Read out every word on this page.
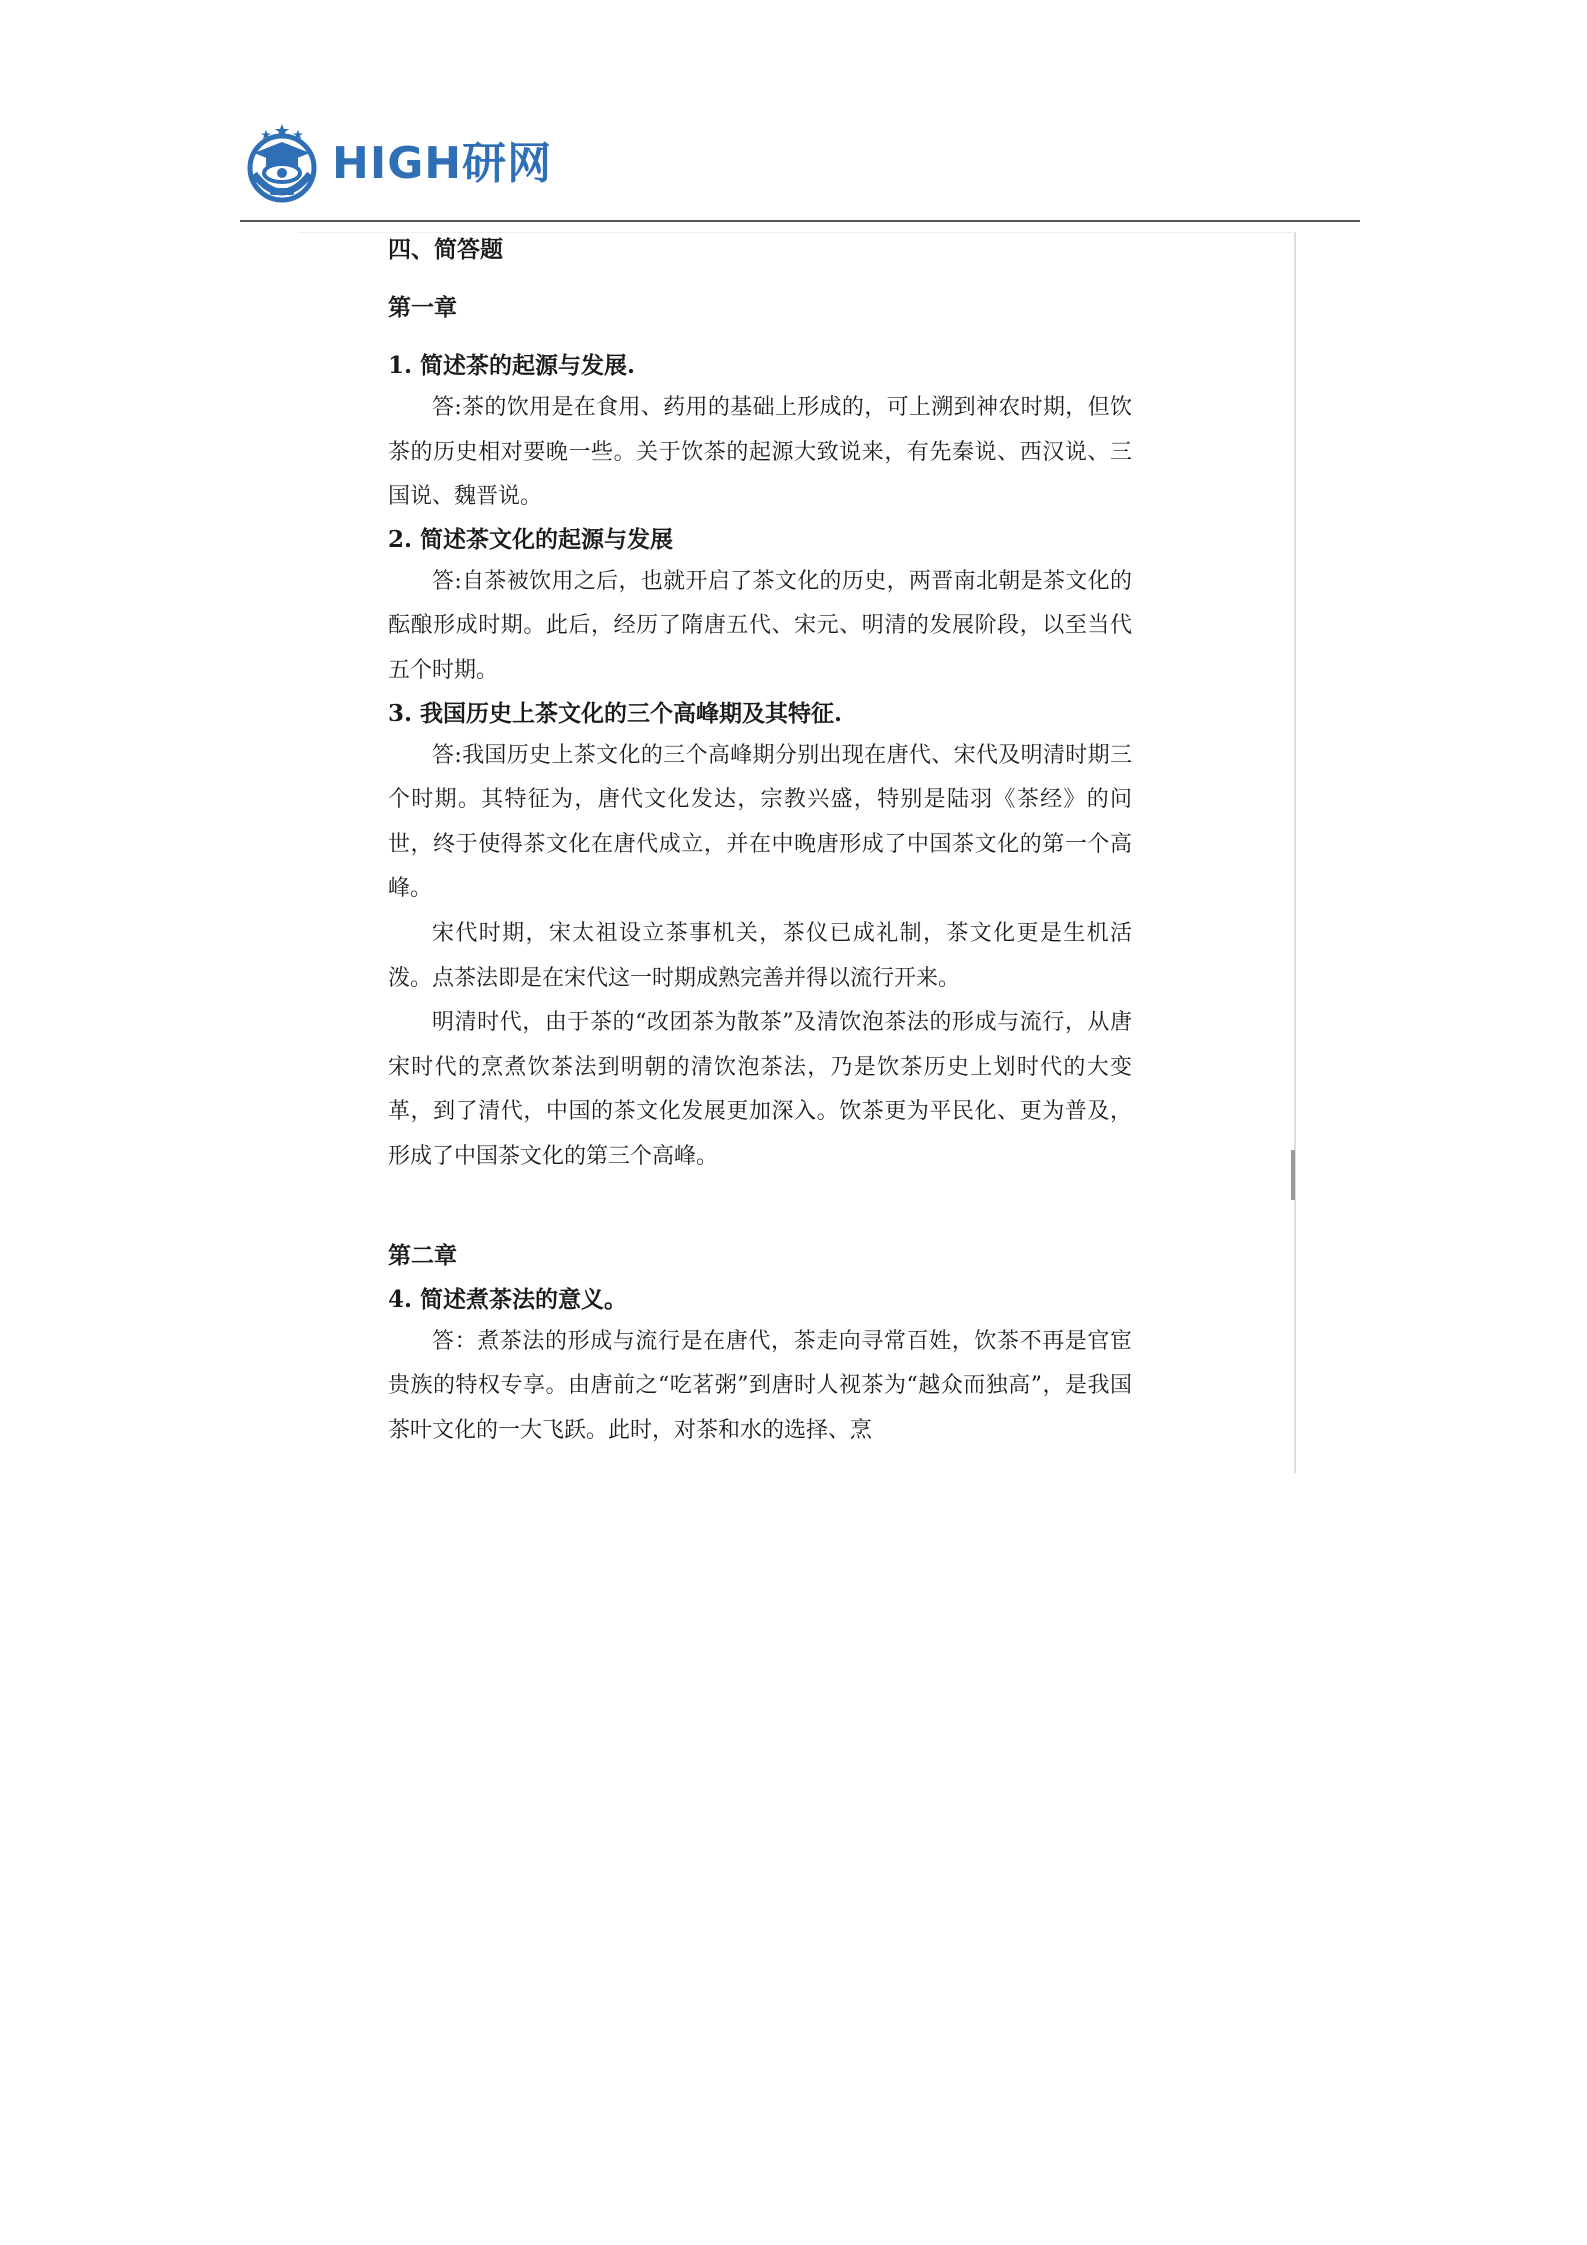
HIGH研网

四、简答题

第一章

1. 简述茶的起源与发展.

答:茶的饮用是在食用、药用的基础上形成的，可上溯到神农时期，但饮茶的历史相对要晚一些。关于饮茶的起源大致说来，有先秦说、西汉说、三国说、魏晋说。

2. 简述茶文化的起源与发展

答:自茶被饮用之后，也就开启了茶文化的历史，两晋南北朝是茶文化的酝酿形成时期。此后，经历了隋唐五代、宋元、明清的发展阶段，以至当代五个时期。

3. 我国历史上茶文化的三个高峰期及其特征.

答:我国历史上茶文化的三个高峰期分别出现在唐代、宋代及明清时期三个时期。其特征为，唐代文化发达，宗教兴盛，特别是陆羽《茶经》的问世，终于使得茶文化在唐代成立，并在中晚唐形成了中国茶文化的第一个高峰。

宋代时期，宋太祖设立茶事机关，茶仪已成礼制，茶文化更是生机活泼。点茶法即是在宋代这一时期成熟完善并得以流行开来。

明清时代，由于茶的“改团茶为散茶”及清饮泡茶法的形成与流行，从唐宋时代的烹煮饮茶法到明朝的清饮泡茶法，乃是饮茶历史上划时代的大变革，到了清代，中国的茶文化发展更加深入。饮茶更为平民化、更为普及，形成了中国茶文化的第三个高峰。

第二章

4. 简述煮茶法的意义。

答：煮茶法的形成与流行是在唐代，茶走向寻常百姓，饮茶不再是官宦贵族的特权专享。由唐前之“吃茗粥”到唐时人视茶为“越众而独高”，是我国茶叶文化的一大飞跃。此时，对茶和水的选择、烹
